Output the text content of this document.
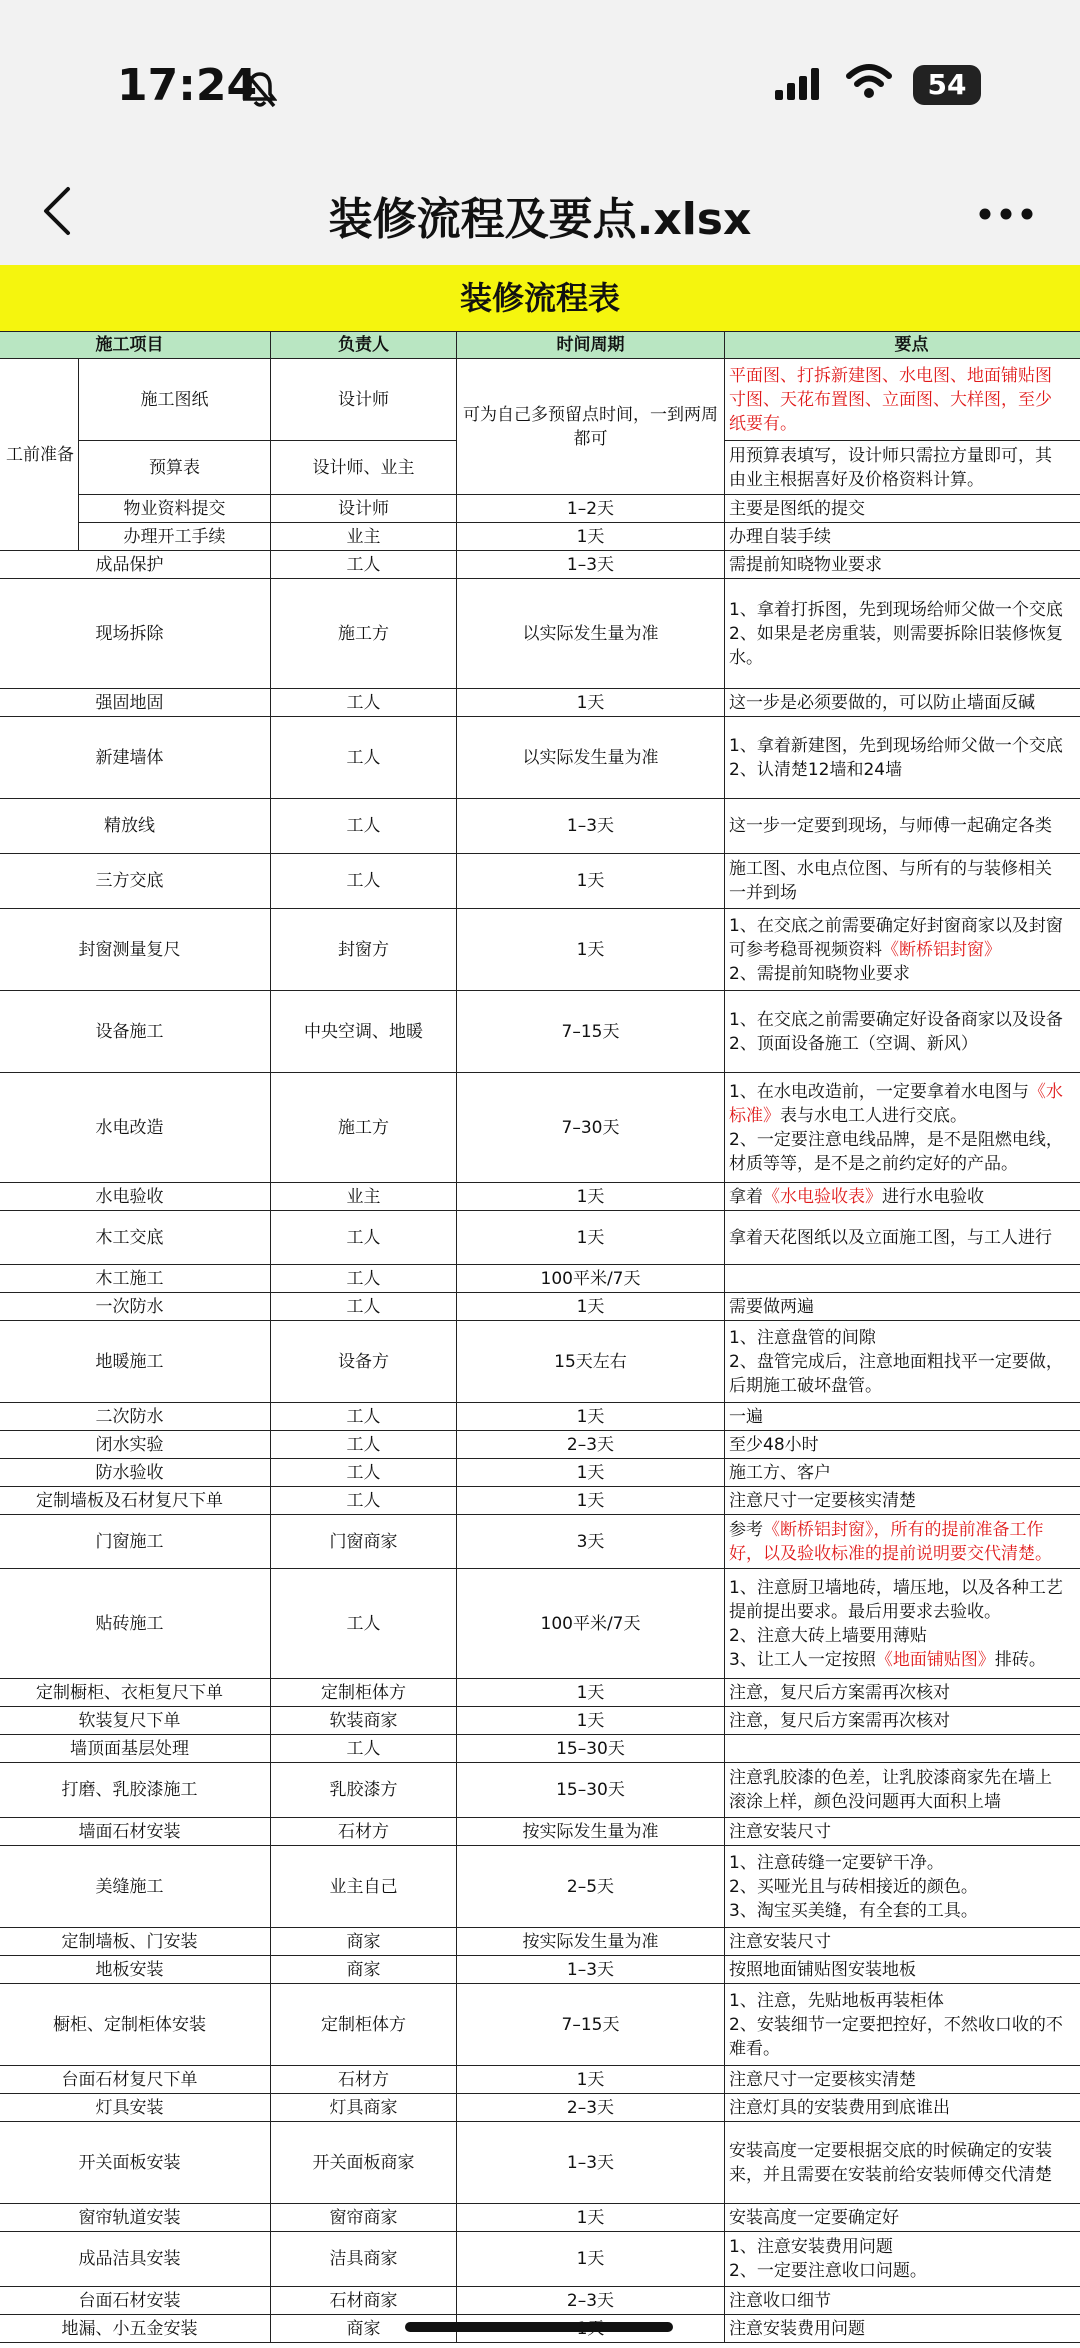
17:24	54
装修流程及要点.xlsx
装修流程表
施工项目		负责人	时间周期	要点
工前准备	施工图纸	设计师	可为自己多预留点时间，一到两周都可	平面图、打拆新建图、水电图、地面铺贴图
寸图、天花布置图、立面图、大样图，至少
纸要有。

	预算表	设计师、业主		用预算表填写，设计师只需拉方量即可，其
由业主根据喜好及价格资料计算。

	物业资料提交	设计师	1–2天	主要是图纸的提交
	办理开工手续	业主	1天	办理自装手续
成品保护		工人	1–3天	需提前知晓物业要求

现场拆除		施工方	以实际发生量为准	1、拿着打拆图，先到现场给师父做一个交底
2、如果是老房重装，则需要拆除旧装修恢复
水。

强固地固		工人	1天	这一步是必须要做的，可以防止墙面反碱

新建墙体		工人	以实际发生量为准	1、拿着新建图，先到现场给师父做一个交底
2、认清楚12墙和24墙

精放线		工人	1–3天	这一步一定要到现场，与师傅一起确定各类

三方交底		工人	1天	施工图、水电点位图、与所有的与装修相关
一并到场

封窗测量复尺		封窗方	1天	1、在交底之前需要确定好封窗商家以及封窗
可参考稳哥视频资料《断桥铝封窗》
2、需提前知晓物业要求

设备施工		中央空调、地暖	7–15天	1、在交底之前需要确定好设备商家以及设备
2、顶面设备施工（空调、新风）

水电改造		施工方	7–30天	1、在水电改造前，一定要拿着水电图与《水
标准》表与水电工人进行交底。
2、一定要注意电线品牌，是不是阻燃电线，
材质等等，是不是之前约定好的产品。

水电验收		业主	1天	拿着《水电验收表》进行水电验收
木工交底		工人	1天	拿着天花图纸以及立面施工图，与工人进行

木工施工		工人	100平米/7天	
一次防水		工人	1天	需要做两遍

地暖施工		设备方	15天左右	1、注意盘管的间隙
2、盘管完成后，注意地面粗找平一定要做，
后期施工破坏盘管。

二次防水		工人	1天	一遍

闭水实验		工人	2–3天	至少48小时

防水验收		工人	1天	施工方、客户

定制墙板及石材复尺下单		工人	1天	注意尺寸一定要核实清楚

门窗施工		门窗商家	3天	参考《断桥铝封窗》，所有的提前准备工作
好，以及验收标准的提前说明要交代清楚。

贴砖施工		工人	100平米/7天	1、注意厨卫墙地砖，墙压地，以及各种工艺
提前提出要求。最后用要求去验收。
2、注意大砖上墙要用薄贴
3、让工人一定按照《地面铺贴图》排砖。

定制橱柜、衣柜复尺下单		定制柜体方	1天	注意，复尺后方案需再次核对

软装复尺下单		软装商家	1天	注意，复尺后方案需再次核对

墙顶面基层处理		工人	15–30天	
打磨、乳胶漆施工		乳胶漆方	15–30天	注意乳胶漆的色差，让乳胶漆商家先在墙上
滚涂上样，颜色没问题再大面积上墙

墙面石材安装		石材方	按实际发生量为准	注意安装尺寸

美缝施工		业主自己	2–5天	1、注意砖缝一定要铲干净。
2、买哑光且与砖相接近的颜色。
3、淘宝买美缝，有全套的工具。

定制墙板、门安装		商家	按实际发生量为准	注意安装尺寸

地板安装		商家	1–3天	按照地面铺贴图安装地板

橱柜、定制柜体安装		定制柜体方	7–15天	1、注意，先贴地板再装柜体
2、安装细节一定要把控好，不然收口收的不
难看。

台面石材复尺下单		石材方	1天	注意尺寸一定要核实清楚

灯具安装		灯具商家	2–3天	注意灯具的安装费用到底谁出

开关面板安装		开关面板商家	1–3天	安装高度一定要根据交底的时候确定的安装
来，并且需要在安装前给安装师傅交代清楚

窗帘轨道安装		窗帘商家	1天	安装高度一定要确定好

成品洁具安装		洁具商家	1天	1、注意安装费用问题
2、一定要注意收口问题。

台面石材安装		石材商家	2–3天	注意收口细节

地漏、小五金安装		商家		注意安装费用问题
